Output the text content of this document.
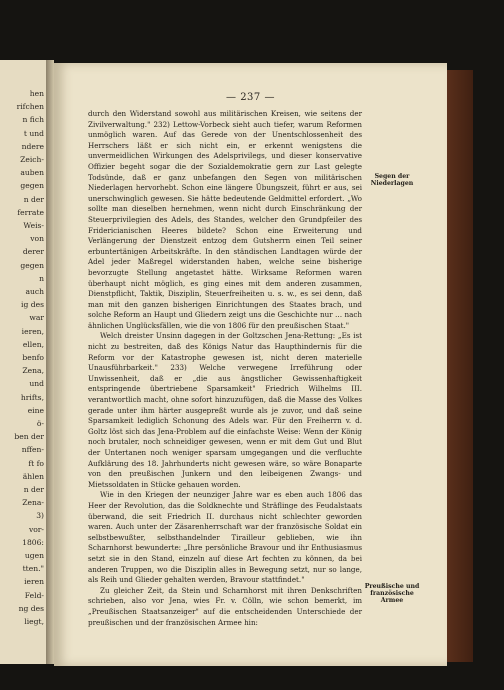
hen
rifchen
n fich
t und
ndere
Zeich-
auben
gegen
n der
ferrate
Weis-
von
derer
gegen
n
auch
ig des
war
ieren,
ellen,
benfo
Zena,
und
hrifts,
eine
ö-
ben der
nffen-
ft fo
ählen
n der
Zena-
3)
vor-
1806:
ugen
tten."
ieren
Feld-
ng des
liegt,
— 237 —

durch den Widerstand sowohl aus militärischen Kreisen, wie seitens der Zivilverwaltung." 232) Lettow-Vorbeck sieht auch tiefer, warum Reformen unmöglich waren. Auf das Gerede von der Unentschlossenheit des Herrschers läßt er sich nicht ein, er erkennt wenigstens die unvermeidlichen Wirkungen des Adelsprivilegs, und dieser konservative Offizier begeht sogar die der Sozialdemokratie gern zur Last gelegte Todsünde, daß er ganz unbefangen den Segen von militärischen Niederlagen hervorhebt. Schon eine längere Übungszeit, führt er aus, sei unerschwinglich gewesen. Sie hätte bedeutende Geldmittel erfordert. „Wo sollte man dieselben hernehmen, wenn nicht durch Einschränkung der Steuerprivilegien des Adels, des Standes, welcher den Grundpfeiler des Fridericianischen Heeres bildete? Schon eine Erweiterung und Verlängerung der Dienstzeit entzog dem Gutsherrn einen Teil seiner erbuntertänigen Arbeitskräfte. In den ständischen Landtagen würde der Adel jeder Maßregel widerstanden haben, welche seine bisherige bevorzugte Stellung angetastet hätte. Wirksame Reformen waren überhaupt nicht möglich, es ging eines mit dem anderen zusammen, Dienstpflicht, Taktik, Disziplin, Steuerfreiheiten u. s. w., es sei denn, daß man mit den ganzen bisherigen Einrichtungen des Staates brach, und solche Reform an Haupt und Gliedern zeigt uns die Geschichte nur … nach ähnlichen Unglücksfällen, wie die von 1806 für den preußischen Staat."

Welch dreister Unsinn dagegen in der Goltzschen Jena-Rettung: „Es ist nicht zu bestreiten, daß des Königs Natur das Haupthindernis für die Reform vor der Katastrophe gewesen ist, nicht deren materielle Unausführbarkeit." 233) Welche verwegene Irreführung oder Unwissenheit, daß er „die aus ängstlicher Gewissenhaftigkeit entspringende übertriebene Sparsamkeit" Friedrich Wilhelms III. verantwortlich macht, ohne sofort hinzuzufügen, daß die Masse des Volkes gerade unter ihm härter ausgepreßt wurde als je zuvor, und daß seine Sparsamkeit lediglich Schonung des Adels war. Für den Freiherrn v. d. Goltz löst sich das Jena-Problem auf die einfachste Weise: Wenn der König noch brutaler, noch schneidiger gewesen, wenn er mit dem Gut und Blut der Untertanen noch weniger sparsam umgegangen und die verfluchte Aufklärung des 18. Jahrhunderts nicht gewesen wäre, so wäre Bonaparte von den preußischen Junkern und den leibeigenen Zwangs- und Mietssoldaten in Stücke gehauen worden.

Wie in den Kriegen der neunziger Jahre war es eben auch 1806 das Heer der Revolution, das die Soldknechte und Sträflinge des Feudalstaats überwand, die seit Friedrich II. durchaus nicht schlechter geworden waren. Auch unter der Zäsarenherrschaft war der französische Soldat ein selbstbewußter, selbsthandelnder Tirailleur geblieben, wie ihn Scharnhorst bewunderte: „Ihre persönliche Bravour und ihr Enthusiasmus setzt sie in den Stand, einzeln auf diese Art fechten zu können, da bei anderen Truppen, wo die Disziplin alles in Bewegung setzt, nur so lange, als Reih und Glieder gehalten werden, Bravour stattfindet."

Zu gleicher Zeit, da Stein und Scharnhorst mit ihren Denkschriften schrieben, also vor Jena, wies Fr. v. Cölln, wie schon bemerkt, im „Preußischen Staatsanzeiger" auf die entscheidenden Unterschiede der preußischen und der französischen Armee hin:

Segen der Niederlagen
Preußische und französische Armee
